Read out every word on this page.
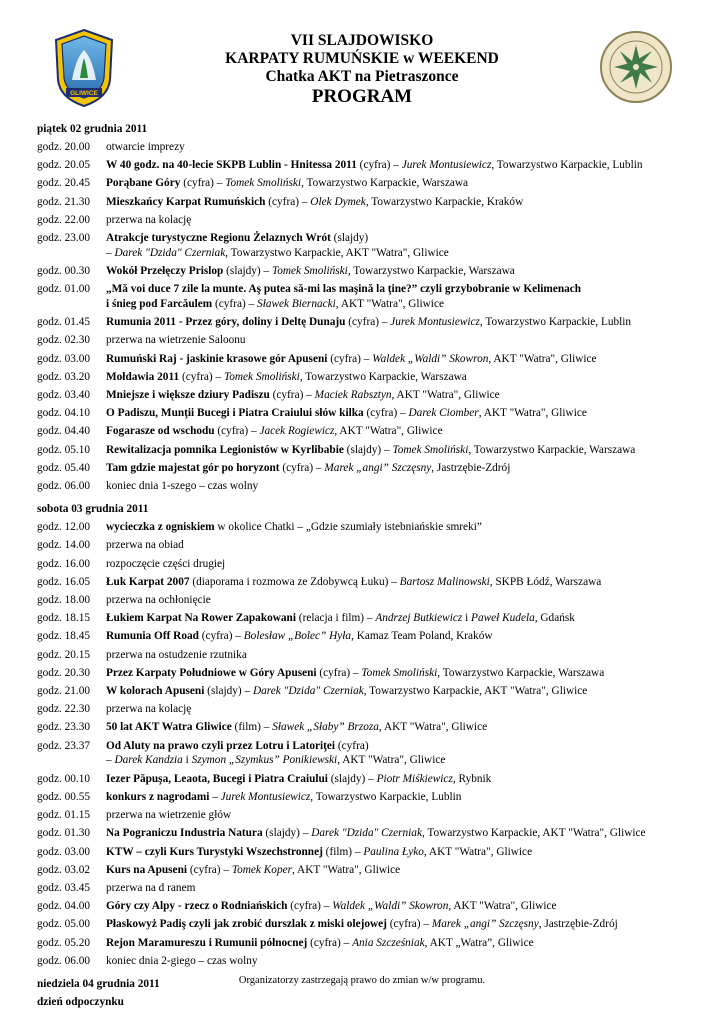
GLIWICE
VII SLAJDOWISKO
KARPATY RUMUŃSKIE w WEEKEND
Chatka AKT na Pietraszonce
PROGRAM
piątek 02 grudnia 2011
godz. 20.00	otwarcie imprezy
godz. 20.05	W 40 godz. na 40-lecie SKPB Lublin - Hnitessa 2011 (cyfra) – Jurek Montusiewicz, Towarzystwo Karpackie, Lublin
godz. 20.45	Porąbane Góry (cyfra) – Tomek Smoliński, Towarzystwo Karpackie, Warszawa
godz. 21.30	Mieszkańcy Karpat Rumuńskich (cyfra) – Olek Dymek, Towarzystwo Karpackie, Kraków
godz. 22.00	przerwa na kolację
godz. 23.00	Atrakcje turystyczne Regionu Żelaznych Wrót (slajdy)
– Darek "Dzida" Czerniak, Towarzystwo Karpackie, AKT "Watra", Gliwice
godz. 00.30	Wokół Przełęczy Prislop (slajdy) – Tomek Smoliński, Towarzystwo Karpackie, Warszawa
godz. 01.00	„Mă voi duce 7 zile la munte. Aş putea să-mi las maşină la ţine?” czyli grzybobranie w Kelimenach
i śnieg pod Farcăulem (cyfra) – Sławek Biernacki, AKT "Watra", Gliwice
godz. 01.45	Rumunia 2011 - Przez góry, doliny i Deltę Dunaju (cyfra) – Jurek Montusiewicz, Towarzystwo Karpackie, Lublin
godz. 02.30	przerwa na wietrzenie Saloonu
godz. 03.00	Rumuński Raj - jaskinie krasowe gór Apuseni (cyfra) – Waldek „Waldi” Skowron, AKT "Watra", Gliwice
godz. 03.20	Mołdawia 2011 (cyfra) – Tomek Smoliński, Towarzystwo Karpackie, Warszawa
godz. 03.40	Mniejsze i większe dziury Padiszu (cyfra) – Maciek Rabsztyn, AKT "Watra", Gliwice
godz. 04.10	O Padiszu, Munţii Bucegi i Piatra Craiului słów kilka (cyfra) – Darek Ciomber, AKT "Watra", Gliwice
godz. 04.40	Fogarasze od wschodu (cyfra) – Jacek Rogiewicz, AKT "Watra", Gliwice
godz. 05.10	Rewitalizacja pomnika Legionistów w Kyrlibabie (slajdy) – Tomek Smoliński, Towarzystwo Karpackie, Warszawa
godz. 05.40	Tam gdzie majestat gór po horyzont (cyfra) – Marek „angi” Szczęsny, Jastrzębie-Zdrój
godz. 06.00	koniec dnia 1-szego – czas wolny
sobota 03 grudnia 2011
godz. 12.00	wycieczka z ogniskiem w okolice Chatki – „Gdzie szumiały istebniańskie smreki”
godz. 14.00	przerwa na obiad
godz. 16.00	rozpoczęcie części drugiej
godz. 16.05	Łuk Karpat 2007 (diaporama i rozmowa ze Zdobywcą Łuku) – Bartosz Malinowski, SKPB Łódź, Warszawa
godz. 18.00	przerwa na ochłonięcie
godz. 18.15	Łukiem Karpat Na Rower Zapakowani (relacja i film) – Andrzej Butkiewicz i Paweł Kudela, Gdańsk
godz. 18.45	Rumunia Off Road (cyfra) – Bolesław „Bolec” Hyła, Kamaz Team Poland, Kraków
godz. 20.15	przerwa na ostudzenie rzutnika
godz. 20.30	Przez Karpaty Południowe w Góry Apuseni (cyfra) – Tomek Smoliński, Towarzystwo Karpackie, Warszawa
godz. 21.00	W kolorach Apuseni (slajdy) – Darek "Dzida" Czerniak, Towarzystwo Karpackie, AKT "Watra", Gliwice
godz. 22.30	przerwa na kolację
godz. 23.30	50 lat AKT Watra Gliwice (film) – Sławek „Słaby” Brzoza, AKT "Watra", Gliwice
godz. 23.37	Od Aluty na prawo czyli przez Lotru i Latoriţei (cyfra)
– Darek Kandzia i Szymon „Szymkus” Ponikiewski, AKT "Watra", Gliwice
godz. 00.10	Iezer Păpuşa, Leaota, Bucegi i Piatra Craiului (slajdy) – Piotr Miśkiewicz, Rybnik
godz. 00.55	konkurs z nagrodami – Jurek Montusiewicz, Towarzystwo Karpackie, Lublin
godz. 01.15	przerwa na wietrzenie głów
godz. 01.30	Na Pograniczu Industria Natura (slajdy) – Darek "Dzida" Czerniak, Towarzystwo Karpackie, AKT "Watra", Gliwice
godz. 03.00	KTW – czyli Kurs Turystyki Wszechstronnej (film) – Paulina Łyko, AKT "Watra", Gliwice
godz. 03.02	Kurs na Apuseni (cyfra) – Tomek Koper, AKT "Watra", Gliwice
godz. 03.45	przerwa na d ranem
godz. 04.00	Góry czy Alpy - rzecz o Rodniańskich (cyfra) – Waldek „Waldi” Skowron, AKT "Watra", Gliwice
godz. 05.00	Płaskowyż Padiş czyli jak zrobić durszlak z miski olejowej (cyfra) – Marek „angi” Szczęsny, Jastrzębie-Zdrój
godz. 05.20	Rejon Maramureszu i Rumunii północnej (cyfra) – Ania Szcześniak, AKT „Watra”, Gliwice
godz. 06.00	koniec dnia 2-giego – czas wolny
niedziela 04 grudnia 2011
dzień odpoczynku
Organizatorzy zastrzegają prawo do zmian w/w programu.
